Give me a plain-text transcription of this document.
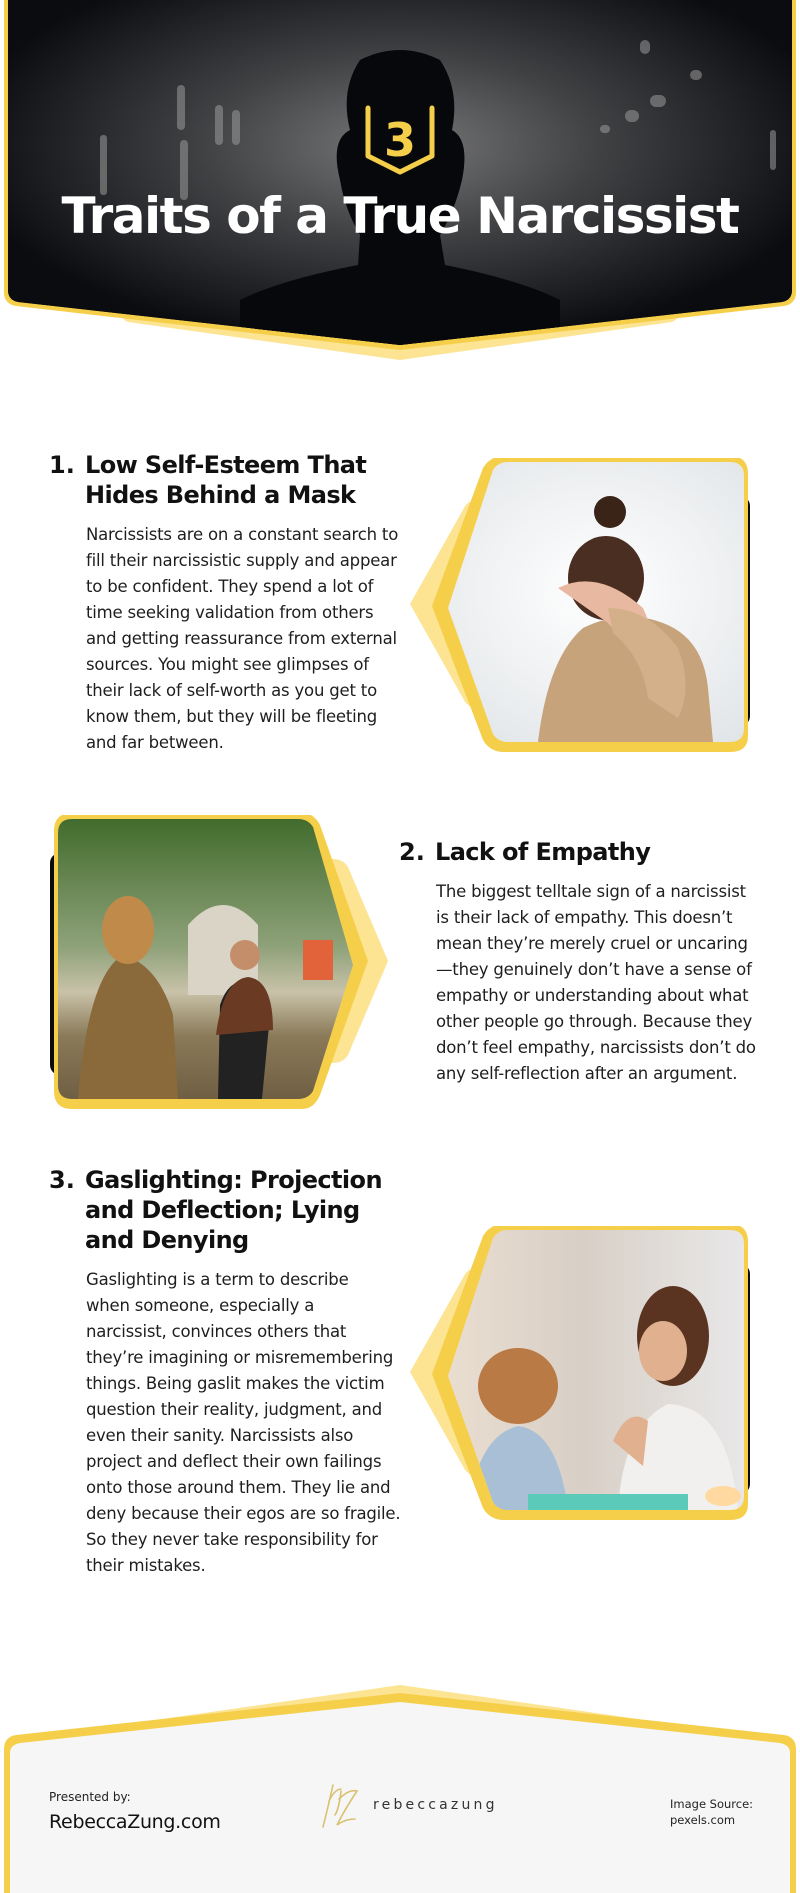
3
Traits of a True Narcissist
1. Low Self-Esteem That
Hides Behind a Mask
Narcissists are on a constant search to
fill their narcissistic supply and appear
to be confident. They spend a lot of
time seeking validation from others
and getting reassurance from external
sources. You might see glimpses of
their lack of self-worth as you get to
know them, but they will be fleeting
and far between.
2. Lack of Empathy
The biggest telltale sign of a narcissist
is their lack of empathy. This doesn’t
mean they’re merely cruel or uncaring
—they genuinely don’t have a sense of
empathy or understanding about what
other people go through. Because they
don’t feel empathy, narcissists don’t do
any self-reflection after an argument.
3. Gaslighting: Projection
and Deflection; Lying
and Denying
Gaslighting is a term to describe
when someone, especially a
narcissist, convinces others that
they’re imagining or misremembering
things. Being gaslit makes the victim
question their reality, judgment, and
even their sanity. Narcissists also
project and deflect their own failings
onto those around them. They lie and
deny because their egos are so fragile.
So they never take responsibility for
their mistakes.
Presented by:
RebeccaZung.com
rebeccazung	Image Source:
pexels.com
